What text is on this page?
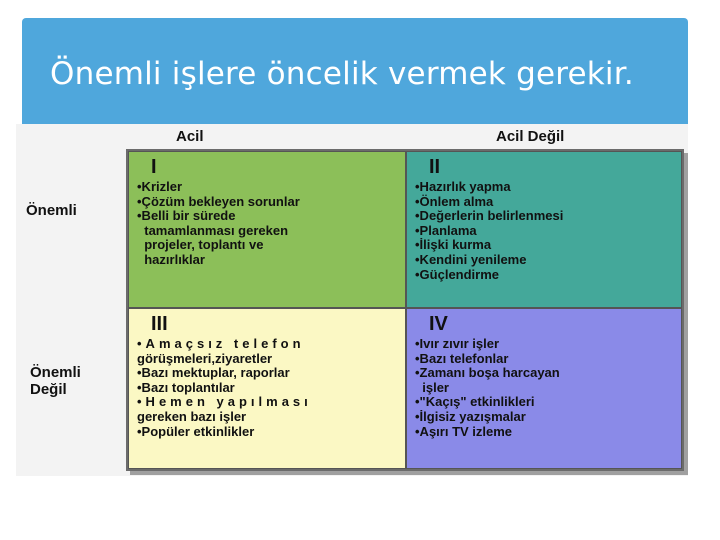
Önemli işlere öncelik vermek gerekir.
Acil	Acil Değil
Önemli
Önemli
Değil
I
•Krizler
•Çözüm bekleyen sorunlar
•Belli bir sürede
tamamlanması gereken
projeler, toplantı ve
hazırlıklar
II
•Hazırlık yapma
•Önlem alma
•Değerlerin belirlenmesi
•Planlama
•İlişki kurma
•Kendini yenileme
•Güçlendirme
III
•Amaçsız telefon
görüşmeleri,ziyaretler
•Bazı mektuplar, raporlar
•Bazı toplantılar
•Hemen yapılması
gereken bazı işler
•Popüler etkinlikler
IV
•Ivır zıvır işler
•Bazı telefonlar
•Zamanı boşa harcayan
işler
•"Kaçış" etkinlikleri
•İlgisiz yazışmalar
•Aşırı TV izleme
